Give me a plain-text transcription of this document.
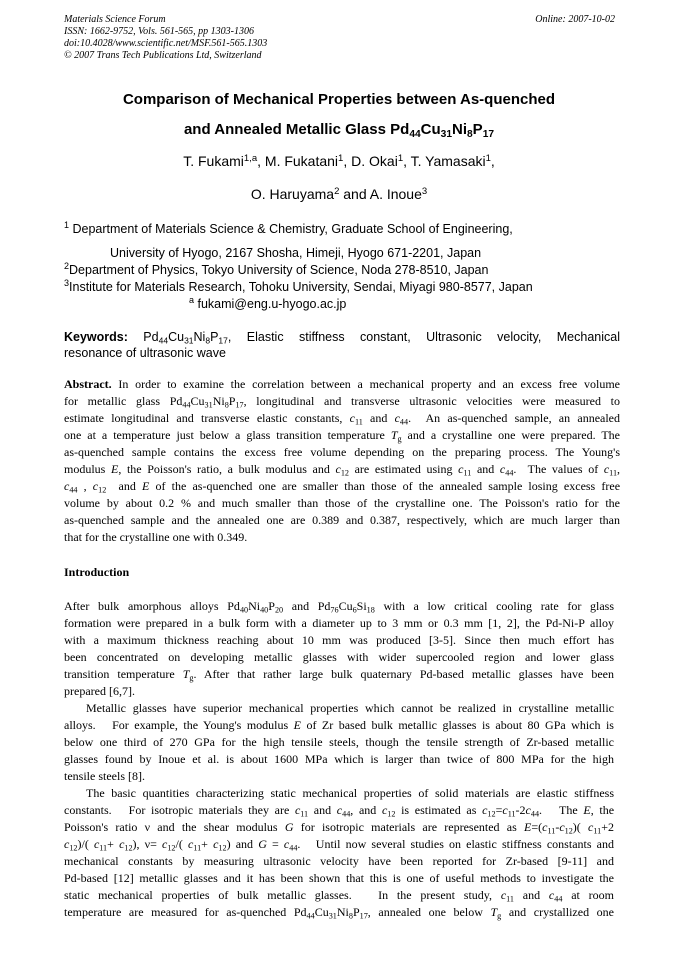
Materials Science Forum	Online: 2007-10-02
ISSN: 1662-9752, Vols. 561-565, pp 1303-1306
doi:10.4028/www.scientific.net/MSF.561-565.1303
© 2007 Trans Tech Publications Ltd, Switzerland
Comparison of Mechanical Properties between As-quenched
and Annealed Metallic Glass $Pd_{44}Cu_{31}Ni_8P_{17}$
T. Fukami$^{1,a}$, M. Fukatani$^1$, D. Okai$^1$, T. Yamasaki$^1$,
O. Haruyama$^2$ and A. Inoue$^3$
$^1$ Department of Materials Science & Chemistry, Graduate School of Engineering,
University of Hyogo, 2167 Shosha, Himeji, Hyogo 671-2201, Japan
$^2$Department of Physics, Tokyo University of Science, Noda 278-8510, Japan
$^3$Institute for Materials Research, Tohoku University, Sendai, Miyagi 980-8577, Japan
$^a$ fukami@eng.u-hyogo.ac.jp
Keywords: $Pd_{44}Cu_{31}Ni_8P_{17}$, Elastic stiffness constant, Ultrasonic velocity, Mechanical
resonance of ultrasonic wave
Abstract. In order to examine the correlation between a mechanical property and an excess free volume
for metallic glass $Pd_{44}Cu_{31}Ni_8P_{17}$, longitudinal and transverse ultrasonic velocities were measured to
estimate longitudinal and transverse elastic constants, $c_{11}$ and $c_{44}$.  An as-quenched sample, an annealed
one at a temperature just below a glass transition temperature $T_g$ and a crystalline one were prepared. The
as-quenched sample contains the excess free volume depending on the preparing process. The Young's
modulus E, the Poisson's ratio, a bulk modulus and $c_{12}$ are estimated using $c_{11}$ and $c_{44}$.  The values of $c_{11}$,
$c_{44}$ , $c_{12}$  and E of the as-quenched one are smaller than those of the annealed sample losing excess free
volume by about 0.2 % and much smaller than those of the crystalline one. The Poisson's ratio for the
as-quenched sample and the annealed one are 0.389 and 0.387, respectively, which are much larger than
that for the crystalline one with 0.349.
Introduction
After bulk amorphous alloys $Pd_{40}Ni_{40}P_{20}$ and $Pd_{76}Cu_6Si_{18}$ with a low critical cooling rate for glass
formation were prepared in a bulk form with a diameter up to 3 mm or 0.3 mm [1, 2], the Pd-Ni-P alloy
with a maximum thickness reaching about 10 mm was produced [3-5]. Since then much effort has
been concentrated on developing metallic glasses with wider supercooled region and lower glass
transition temperature $T_g$. After that rather large bulk quaternary Pd-based metallic glasses have been
prepared [6,7].
Metallic glasses have superior mechanical properties which cannot be realized in crystalline metallic
alloys.   For example, the Young's modulus E of Zr based bulk metallic glasses is about 80 GPa which is
below one third of 270 GPa for the high tensile steels, though the tensile strength of Zr-based metallic
glasses found by Inoue et al. is about 1600 MPa which is larger than twice of 800 MPa for the high
tensile steels [8].
The basic quantities characterizing static mechanical properties of solid materials are elastic stiffness
constants.   For isotropic materials they are $c_{11}$ and $c_{44}$, and $c_{12}$ is estimated as $c_{12}=c_{11}-2c_{44}$.   The E, the
Poisson's ratio ν and the shear modulus G for isotropic materials are represented as $E=(c_{11}-c_{12})$( $c_{11}+2$
$c_{12})/$( $c_{11}+ c_{12}$), $\nu= c_{12}/$( $c_{11}+ c_{12}$) and $G = c_{44}$.   Until now several studies on elastic stiffness constants and
mechanical constants by measuring ultrasonic velocity have been reported for Zr-based [9-11] and
Pd-based [12] metallic glasses and it has been shown that this is one of useful methods to investigate the
static mechanical properties of bulk metallic glasses.   In the present study, $c_{11}$ and $c_{44}$ at room
temperature are measured for as-quenched $Pd_{44}Cu_{31}Ni_8P_{17}$, annealed one below $T_g$ and crystallized one
